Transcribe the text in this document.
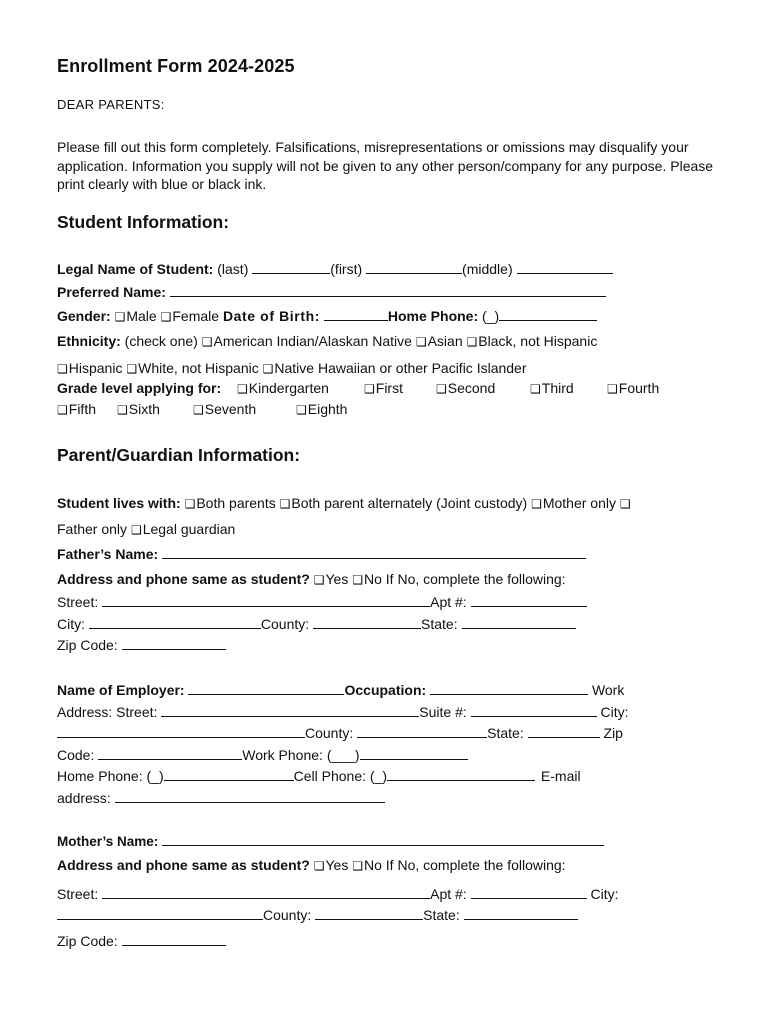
Enrollment Form 2024-2025
DEAR PARENTS:
Please fill out this form completely. Falsifications, misrepresentations or omissions may disqualify your application. Information you supply will not be given to any other person/company for any purpose. Please print clearly with blue or black ink.
Student Information:
Legal Name of Student: (last)	(first)	(middle)
Preferred Name:
Gender: ❑Male ❑Female Date of Birth:	Home Phone: (_)
Ethnicity: (check one) ❑American Indian/Alaskan Native ❑Asian ❑Black, not Hispanic
❑Hispanic ❑White, not Hispanic ❑Native Hawaiian or other Pacific Islander
Grade level applying for: ❑Kindergarten	❑First	❑Second	❑Third	❑Fourth
❑Fifth ❑Sixth	❑Seventh	❑Eighth
Parent/Guardian Information:
Student lives with: ❑Both parents ❑Both parent alternately (Joint custody) ❑Mother only ❑
Father only ❑Legal guardian
Father’s Name:
Address and phone same as student? ❑Yes ❑No If No, complete the following:
Street:	Apt #:
City:	County:	State:
Zip Code:
Name of Employer:	Occupation:	Work
Address: Street:	Suite #:	City:
County:	State:	Zip
Code:	Work Phone: (___)
Home Phone: (_)	Cell Phone: (_)	E-mail
address:
Mother’s Name:
Address and phone same as student? ❑Yes ❑No If No, complete the following:
Street:	Apt #:	City:
County:	State:
Zip Code:
